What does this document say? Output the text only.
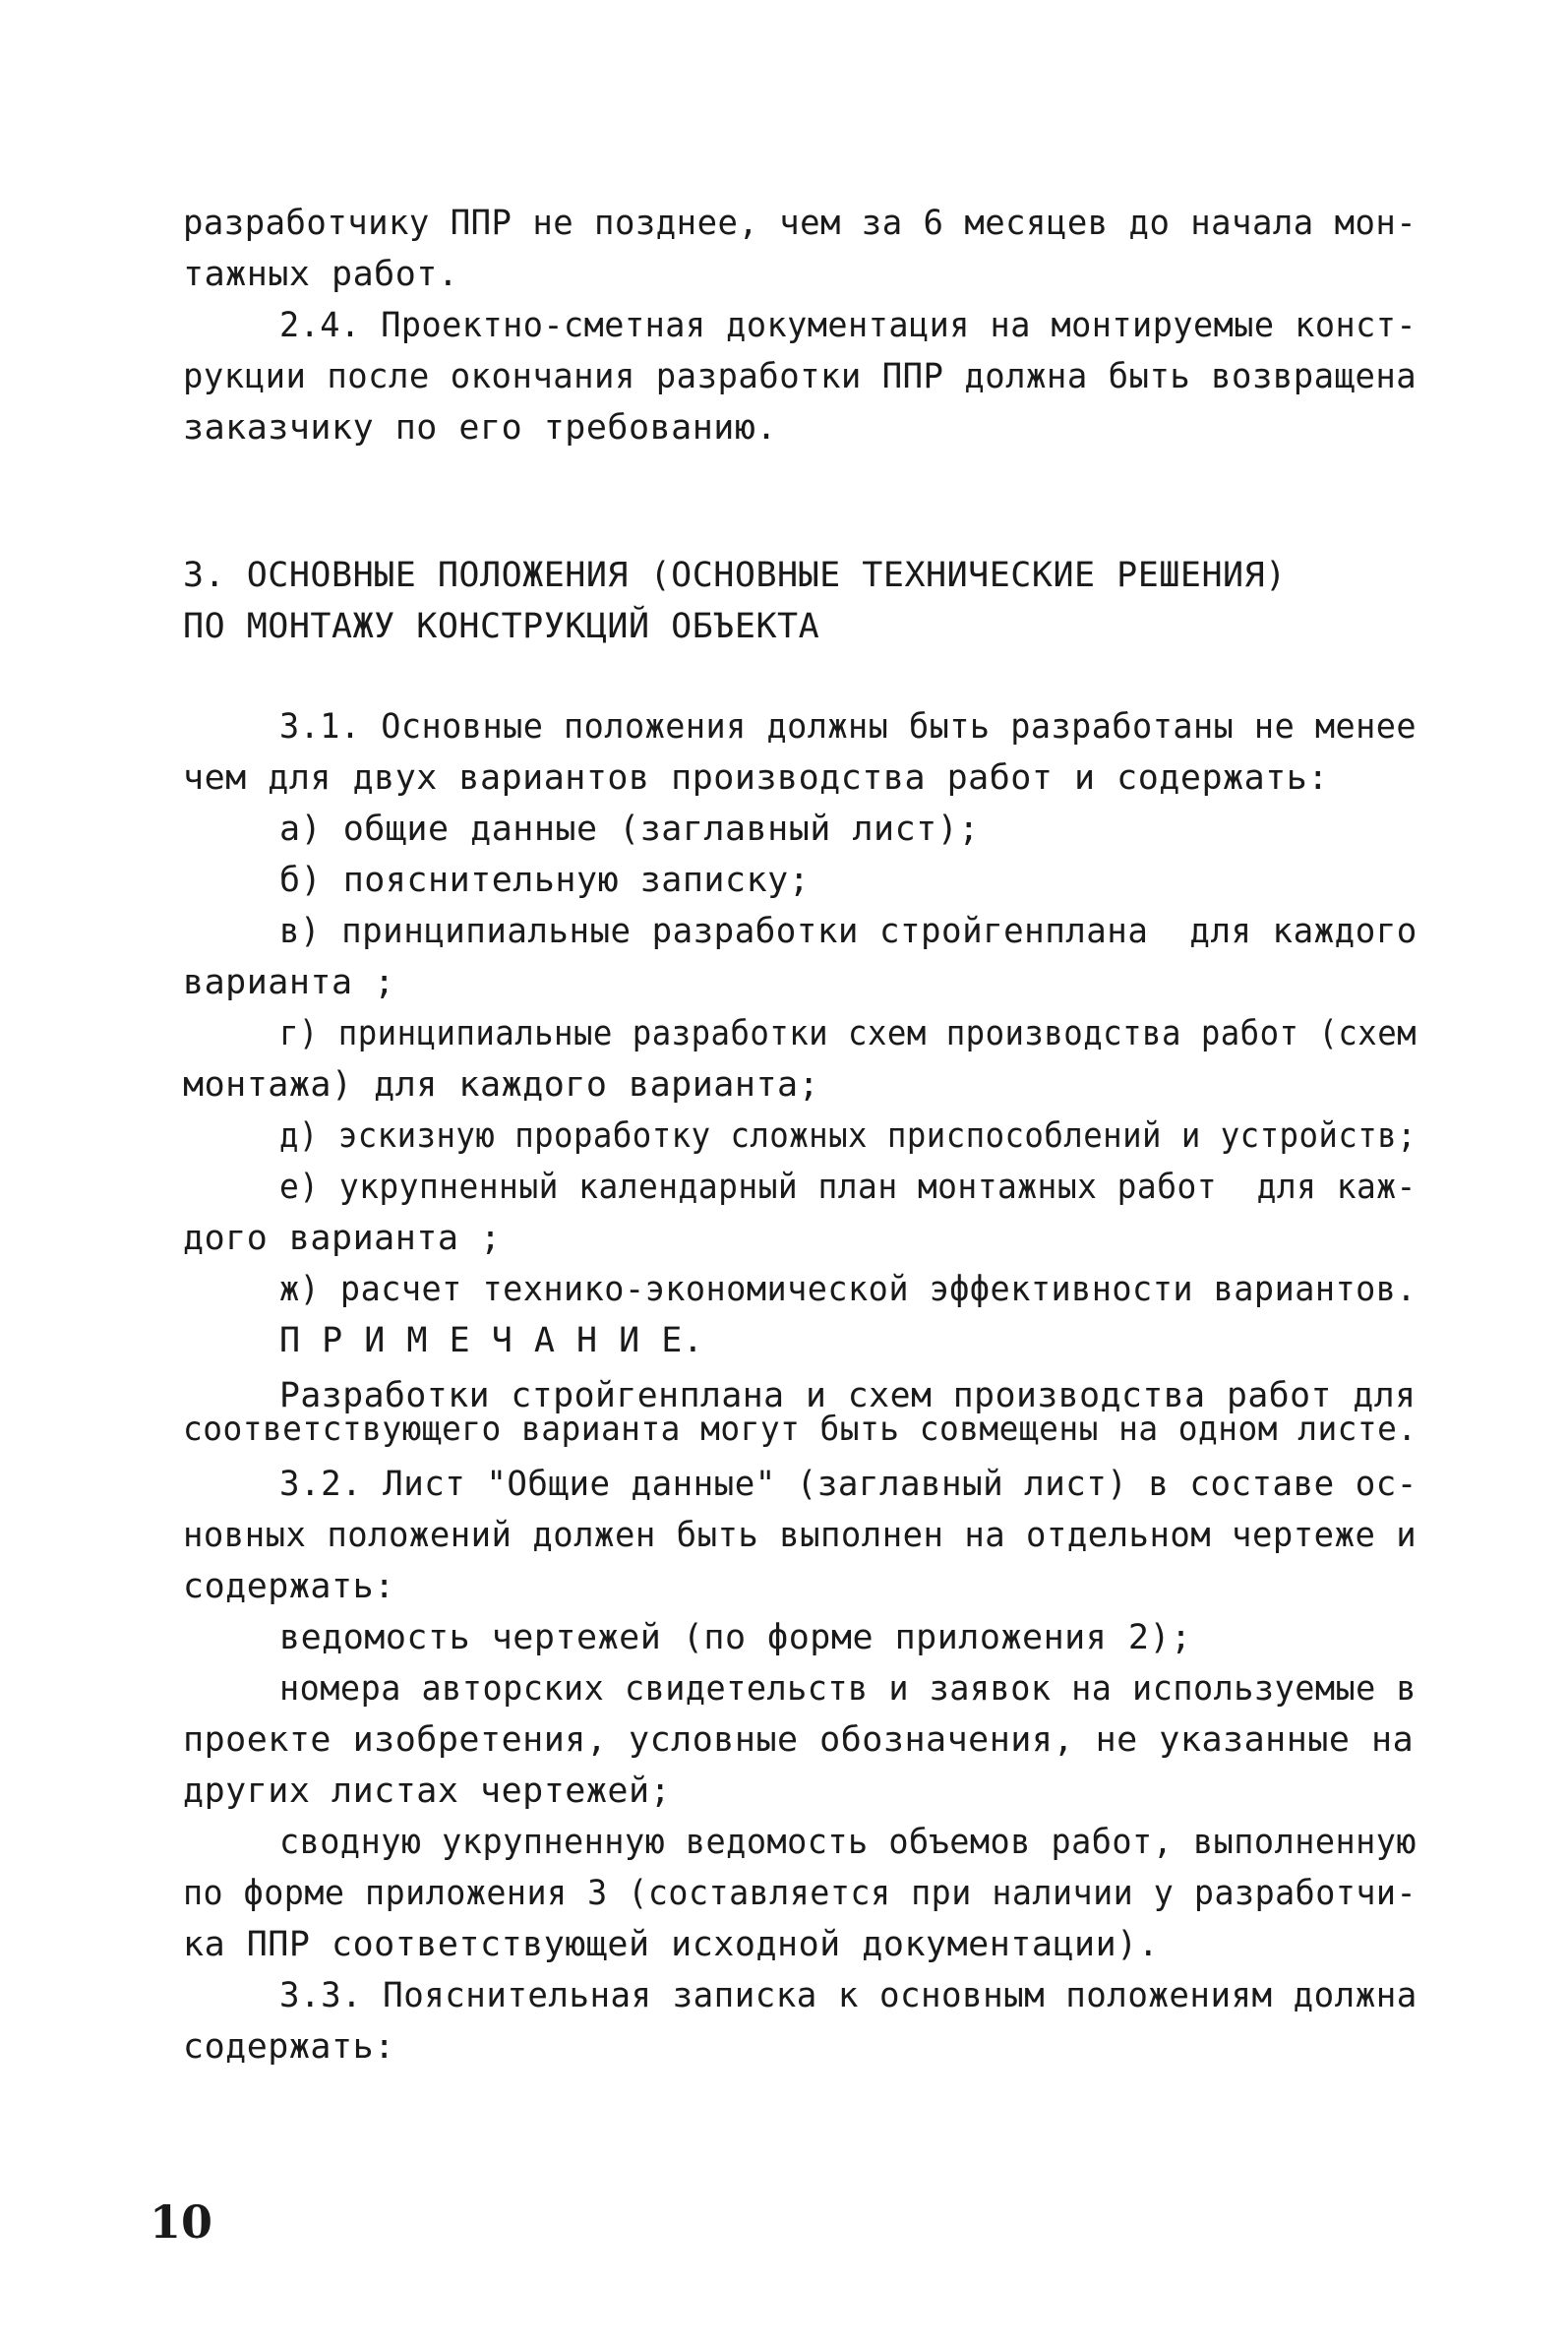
разработчику ППР не позднее, чем за 6 месяцев до начала мон-
тажных работ.
2.4. Проектно-сметная документация на монтируемые конст-
рукции после окончания разработки ППР должна быть возвращена
заказчику по его требованию.
3. ОСНОВНЫЕ ПОЛОЖЕНИЯ (ОСНОВНЫЕ ТЕХНИЧЕСКИЕ РЕШЕНИЯ)
ПО МОНТАЖУ КОНСТРУКЦИЙ ОБЪЕКТА
3.1. Основные положения должны быть разработаны не менее
чем для двух вариантов производства работ и содержать:
а) общие данные (заглавный лист);
б) пояснительную записку;
в) принципиальные разработки стройгенплана  для каждого
варианта ;
г) принципиальные разработки схем производства работ (схем
монтажа) для каждого варианта;
д) эскизную проработку сложных приспособлений и устройств;
е) укрупненный календарный план монтажных работ  для каж-
дого варианта ;
ж) расчет технико-экономической эффективности вариантов.
П Р И М Е Ч А Н И Е.
Разработки стройгенплана и схем производства работ для
соответствующего варианта могут быть совмещены на одном листе.
3.2. Лист "Общие данные" (заглавный лист) в составе ос-
новных положений должен быть выполнен на отдельном чертеже и
содержать:
ведомость чертежей (по форме приложения 2);
номера авторских свидетельств и заявок на используемые в
проекте изобретения, условные обозначения, не указанные на
других листах чертежей;
сводную укрупненную ведомость объемов работ, выполненную
по форме приложения 3 (составляется при наличии у разработчи-
ка ППР соответствующей исходной документации).
3.3. Пояснительная записка к основным положениям должна
содержать:
10
